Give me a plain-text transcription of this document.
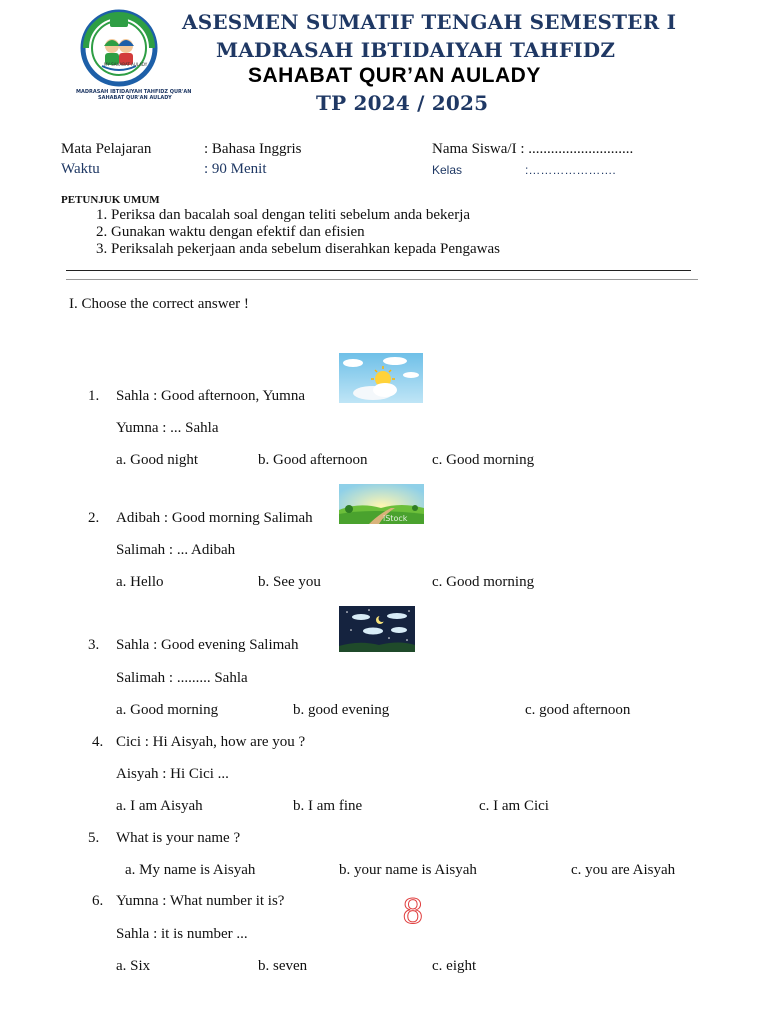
MY SAHABAT AULADY
MADRASAH IBTIDAIYAH TAHFIDZ QUR'AN
SAHABAT QUR'AN AULADY
ASESMEN SUMATIF TENGAH SEMESTER I
MADRASAH IBTIDAIYAH TAHFIDZ
SAHABAT QUR’AN AULADY
TP 2024 / 2025
Mata Pelajaran	: Bahasa Inggris	Nama Siswa/I : ............................
Waktu	: 90 Menit	Kelas	:………………….
PETUNJUK UMUM
1. Periksa dan bacalah soal dengan teliti sebelum anda bekerja
2. Gunakan waktu dengan efektif dan efisien
3. Periksalah pekerjaan anda sebelum diserahkan kepada Pengawas
I. Choose the correct answer !
1. Sahla : Good afternoon, Yumna
Yumna : ... Sahla
a. Good night	b. Good afternoon	c. Good morning
2. Adibah : Good morning Salimah	iStock
Salimah : ... Adibah
a. Hello	b. See you	c. Good morning
3. Sahla : Good evening Salimah
Salimah : ......... Sahla
a. Good morning	b. good evening	c. good afternoon
4. Cici : Hi Aisyah, how are you ?
Aisyah : Hi Cici ...
a. I am Aisyah	b. I am fine	c. I am Cici
5. What is your name ?
a. My name is Aisyah	b. your name is Aisyah	c. you are Aisyah
6. Yumna : What number it is?	8
Sahla : it is number ...
a. Six	b. seven	c. eight
